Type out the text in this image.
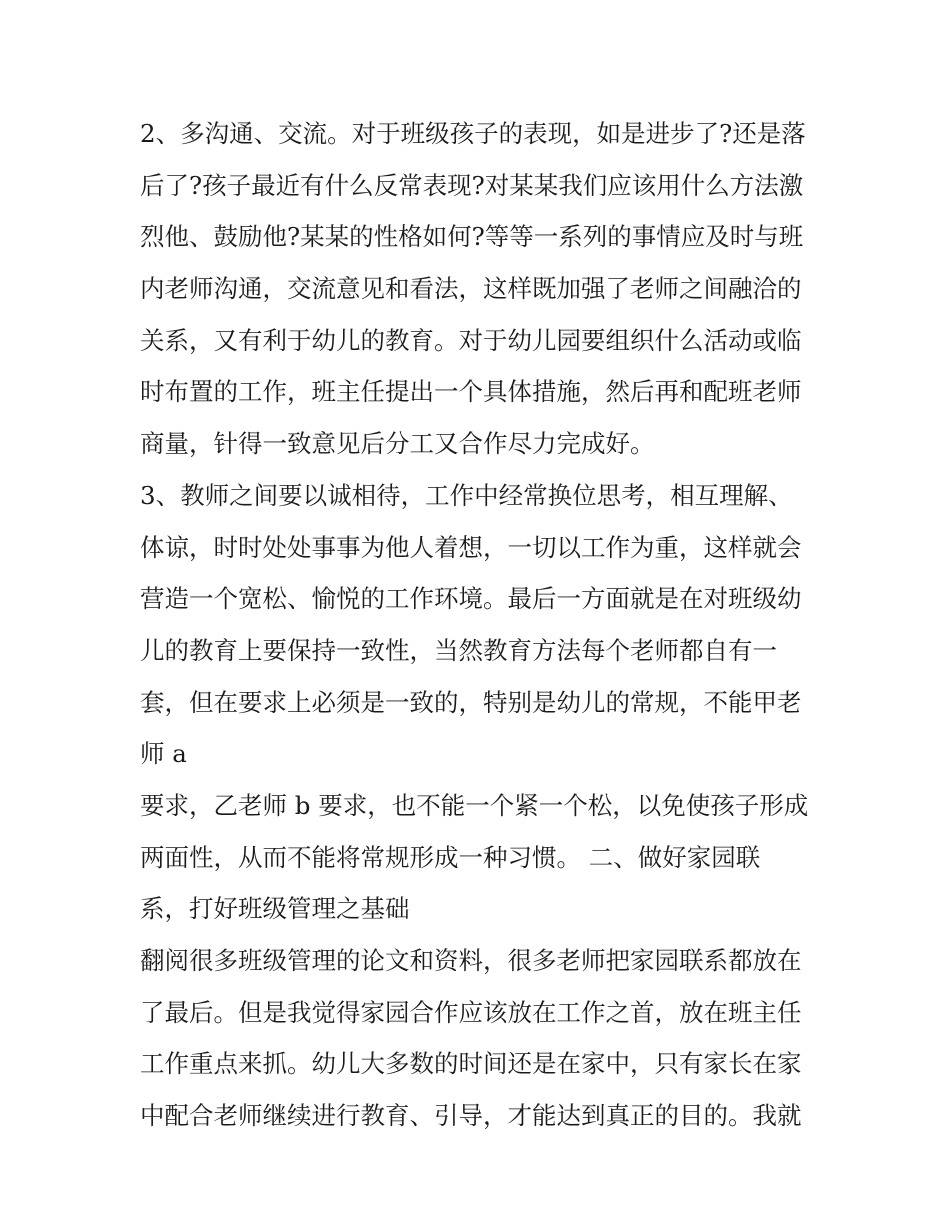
2、多沟通、交流。对于班级孩子的表现，如是进步了?还是落
后了?孩子最近有什么反常表现?对某某我们应该用什么方法激
烈他、鼓励他?某某的性格如何?等等一系列的事情应及时与班
内老师沟通，交流意见和看法，这样既加强了老师之间融洽的
关系，又有利于幼儿的教育。对于幼儿园要组织什么活动或临
时布置的工作，班主任提出一个具体措施，然后再和配班老师
商量，针得一致意见后分工又合作尽力完成好。
3、教师之间要以诚相待，工作中经常换位思考，相互理解、
体谅，时时处处事事为他人着想，一切以工作为重，这样就会
营造一个宽松、愉悦的工作环境。最后一方面就是在对班级幼
儿的教育上要保持一致性，当然教育方法每个老师都自有一
套，但在要求上必须是一致的，特别是幼儿的常规，不能甲老
师 a
要求，乙老师 b 要求，也不能一个紧一个松，以免使孩子形成
两面性，从而不能将常规形成一种习惯。 二、做好家园联
系，打好班级管理之基础
翻阅很多班级管理的论文和资料，很多老师把家园联系都放在
了最后。但是我觉得家园合作应该放在工作之首，放在班主任
工作重点来抓。幼儿大多数的时间还是在家中，只有家长在家
中配合老师继续进行教育、引导，才能达到真正的目的。我就
